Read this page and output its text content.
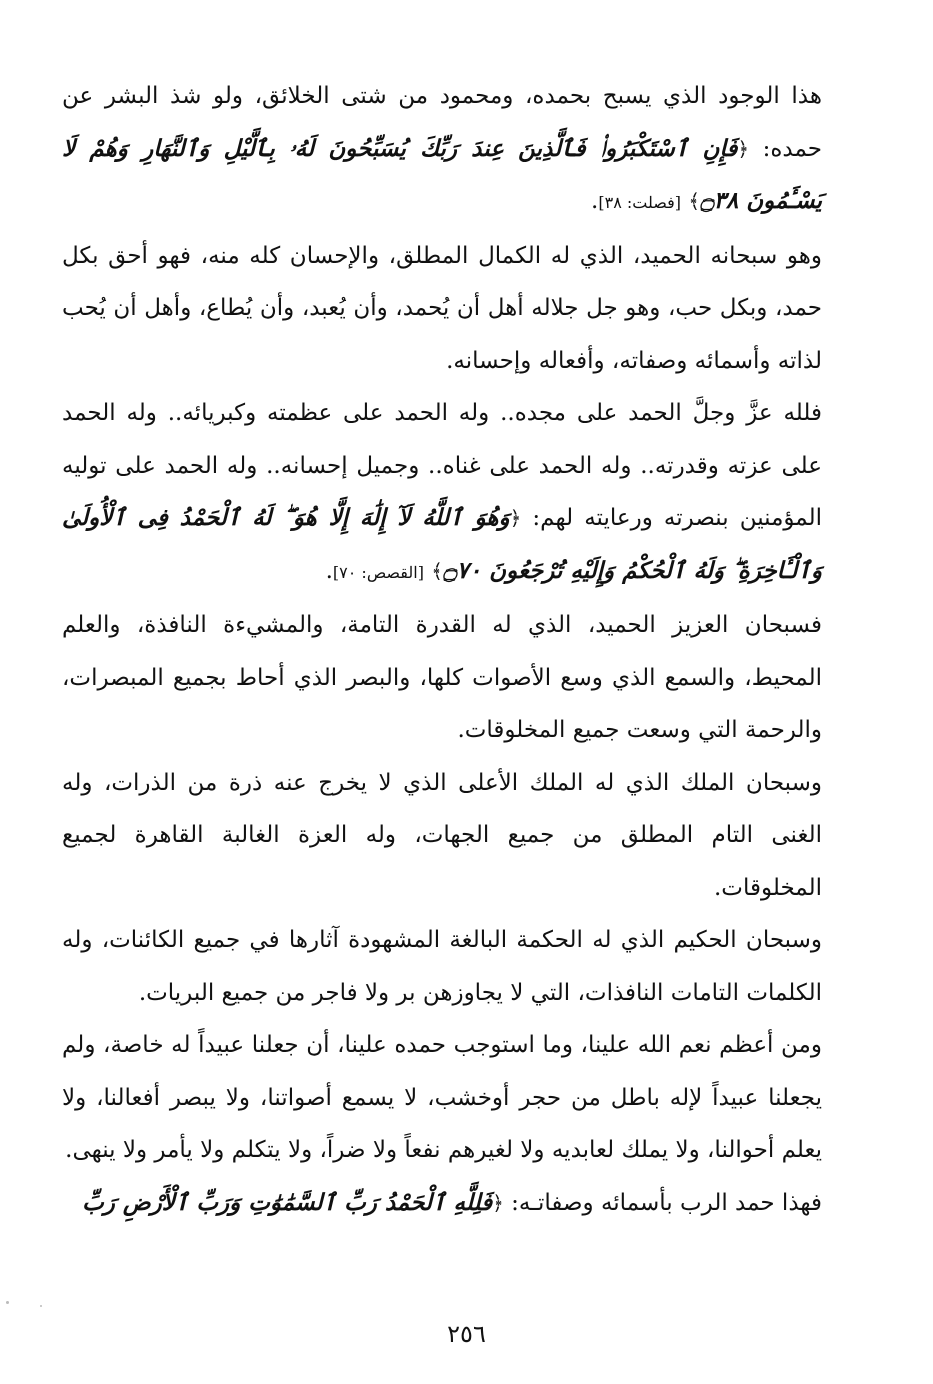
هذا الوجود الذي يسبح بحمده، ومحمود من شتى الخلائق، ولو شذ البشر عن حمده: ﴿فَإِنِ ٱسْتَكْبَرُوا۟ فَٱلَّذِينَ عِندَ رَبِّكَ يُسَبِّحُونَ لَهُۥ بِٱلَّيْلِ وَٱلنَّهَارِ وَهُمْ لَا يَسْـَٔمُونَ ۝٣٨﴾ [فصلت: ٣٨].

وهو سبحانه الحميد، الذي له الكمال المطلق، والإحسان كله منه، فهو أحق بكل حمد، وبكل حب، وهو جل جلاله أهل أن يُحمد، وأن يُعبد، وأن يُطاع، وأهل أن يُحب لذاته وأسمائه وصفاته، وأفعاله وإحسانه.

فلله عزَّ وجلَّ الحمد على مجده.. وله الحمد على عظمته وكبريائه.. وله الحمد على عزته وقدرته.. وله الحمد على غناه.. وجميل إحسانه.. وله الحمد على توليه المؤمنين بنصرته ورعايته لهم: ﴿وَهُوَ ٱللَّهُ لَآ إِلَٰهَ إِلَّا هُوَ ۖ لَهُ ٱلْحَمْدُ فِى ٱلْأُولَىٰ وَٱلْـَٔاخِرَةِ ۖ وَلَهُ ٱلْحُكْمُ وَإِلَيْهِ تُرْجَعُونَ ۝٧٠﴾ [القصص: ٧٠].

فسبحان العزيز الحميد، الذي له القدرة التامة، والمشيءة النافذة، والعلم المحيط، والسمع الذي وسع الأصوات كلها، والبصر الذي أحاط بجميع المبصرات، والرحمة التي وسعت جميع المخلوقات.

وسبحان الملك الذي له الملك الأعلى الذي لا يخرج عنه ذرة من الذرات، وله الغنى التام المطلق من جميع الجهات، وله العزة الغالبة القاهرة لجميع المخلوقات.

وسبحان الحكيم الذي له الحكمة البالغة المشهودة آثارها في جميع الكائنات، وله الكلمات التامات النافذات، التي لا يجاوزهن بر ولا فاجر من جميع البريات.

ومن أعظم نعم الله علينا، وما استوجب حمده علينا، أن جعلنا عبيداً له خاصة، ولم يجعلنا عبيداً لإله باطل من حجر أوخشب، لا يسمع أصواتنا، ولا يبصر أفعالنا، ولا يعلم أحوالنا، ولا يملك لعابديه ولا لغيرهم نفعاً ولا ضراً، ولا يتكلم ولا يأمر ولا ينهى.

فهذا حمد الرب بأسمائه وصفاتـه: ﴿فَلِلَّهِ ٱلْحَمْدُ رَبِّ ٱلسَّمَٰوَٰتِ وَرَبِّ ٱلْأَرْضِ رَبِّ

٢٥٦
